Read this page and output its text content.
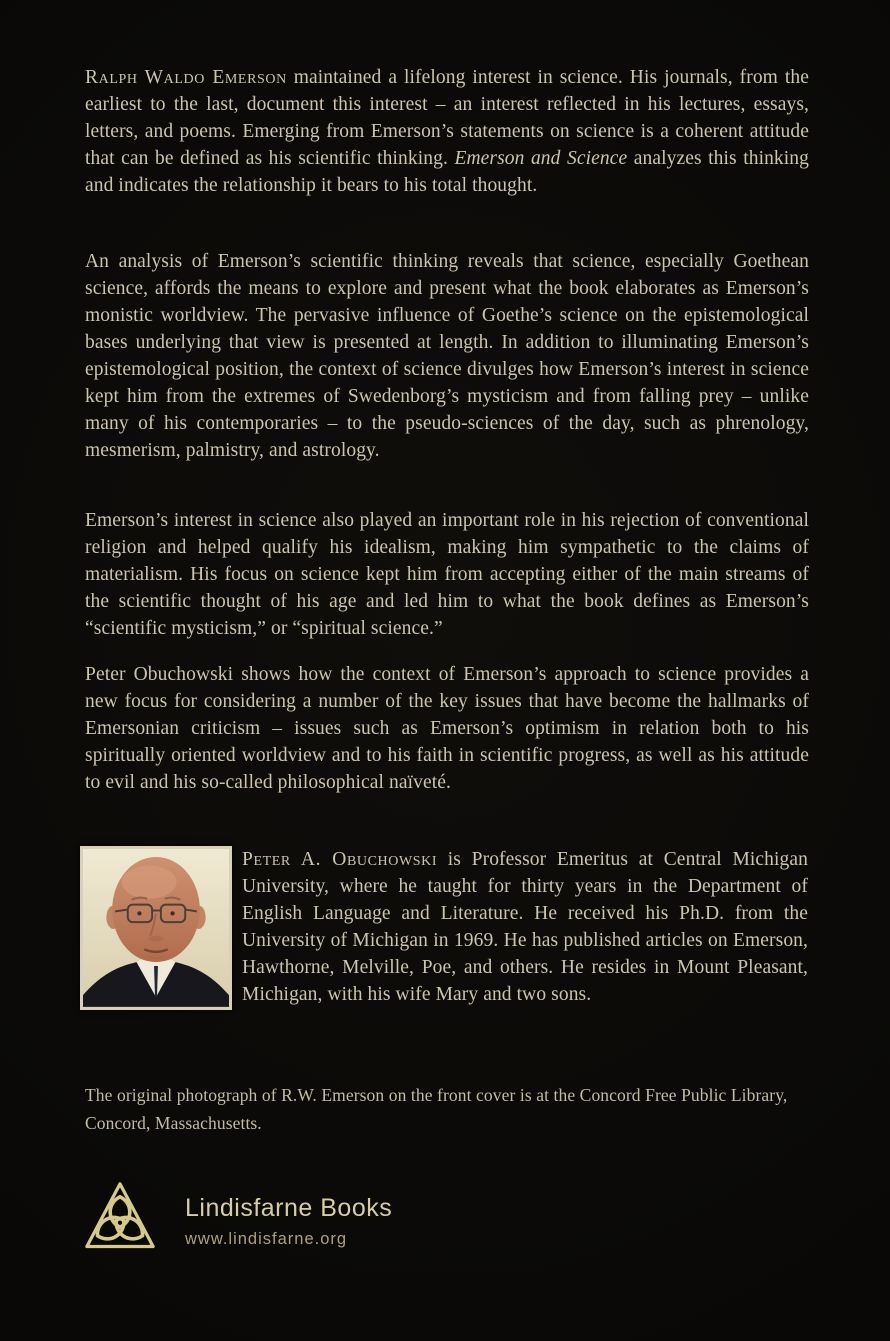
Ralph Waldo Emerson maintained a lifelong interest in science. His journals, from the earliest to the last, document this interest – an interest reflected in his lectures, essays, letters, and poems. Emerging from Emerson’s statements on science is a coherent attitude that can be defined as his scientific thinking. Emerson and Science analyzes this thinking and indicates the relationship it bears to his total thought.

An analysis of Emerson’s scientific thinking reveals that science, especially Goethean science, affords the means to explore and present what the book elaborates as Emerson’s monistic worldview. The pervasive influence of Goethe’s science on the epistemological bases underlying that view is presented at length. In addition to illuminating Emerson’s epistemological position, the context of science divulges how Emerson’s interest in science kept him from the extremes of Swedenborg’s mysticism and from falling prey – unlike many of his contemporaries – to the pseudo-sciences of the day, such as phrenology, mesmerism, palmistry, and astrology.

Emerson’s interest in science also played an important role in his rejection of conventional religion and helped qualify his idealism, making him sympathetic to the claims of materialism. His focus on science kept him from accepting either of the main streams of the scientific thought of his age and led him to what the book defines as Emerson’s “scientific mysticism,” or “spiritual science.”

Peter Obuchowski shows how the context of Emerson’s approach to science provides a new focus for considering a number of the key issues that have become the hallmarks of Emersonian criticism – issues such as Emerson’s optimism in relation both to his spiritually oriented worldview and to his faith in scientific progress, as well as his attitude to evil and his so-called philosophical naïveté.

Peter A. Obuchowski is Professor Emeritus at Central Michigan University, where he taught for thirty years in the Department of English Language and Literature. He received his Ph.D. from the University of Michigan in 1969. He has published articles on Emerson, Hawthorne, Melville, Poe, and others. He resides in Mount Pleasant, Michigan, with his wife Mary and two sons.

The original photograph of R.W. Emerson on the front cover is at the Concord Free Public Library, Concord, Massachusetts.

Lindisfarne Books
www.lindisfarne.org
